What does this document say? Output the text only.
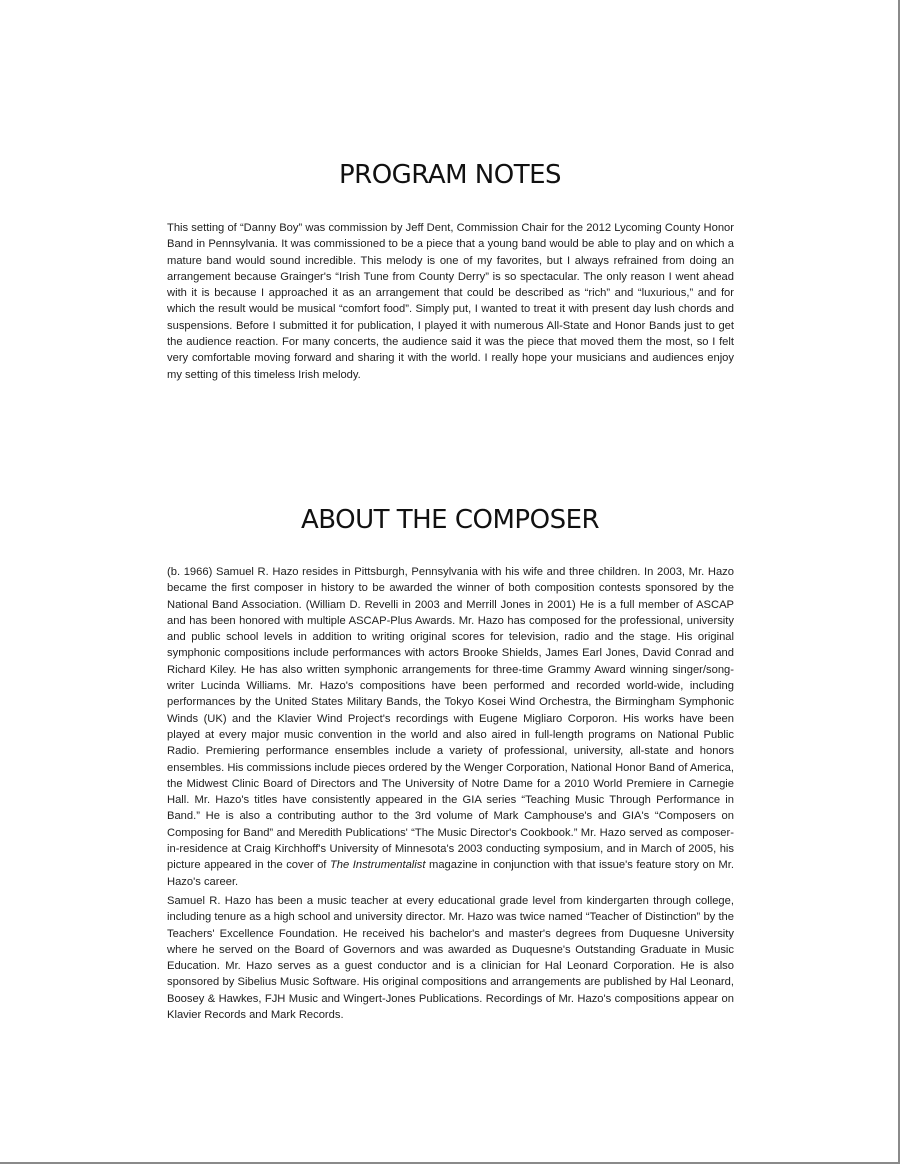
PROGRAM NOTES

This setting of “Danny Boy” was commission by Jeff Dent, Commission Chair for the 2012 Lycoming County Honor Band in Pennsylvania. It was commissioned to be a piece that a young band would be able to play and on which a mature band would sound incredible. This melody is one of my favorites, but I always refrained from doing an arrangement because Grainger's “Irish Tune from County Derry” is so spectacular. The only reason I went ahead with it is because I approached it as an arrangement that could be described as “rich” and “luxurious,” and for which the result would be musical “comfort food”. Simply put, I wanted to treat it with present day lush chords and suspensions. Before I submitted it for publication, I played it with numerous All-State and Honor Bands just to get the audience reaction. For many concerts, the audience said it was the piece that moved them the most, so I felt very comfortable moving forward and sharing it with the world. I really hope your musicians and audiences enjoy my setting of this timeless Irish melody.

ABOUT THE COMPOSER

(b. 1966) Samuel R. Hazo resides in Pittsburgh, Pennsylvania with his wife and three children. In 2003, Mr. Hazo became the first composer in history to be awarded the winner of both composition contests sponsored by the National Band Association. (William D. Revelli in 2003 and Merrill Jones in 2001) He is a full member of ASCAP and has been honored with multiple ASCAP-Plus Awards. Mr. Hazo has composed for the professional, university and public school levels in addition to writing original scores for television, radio and the stage. His original symphonic compositions include performances with actors Brooke Shields, James Earl Jones, David Conrad and Richard Kiley. He has also written symphonic arrangements for three-time Grammy Award winning singer/song-writer Lucinda Williams. Mr. Hazo's compositions have been performed and recorded world-wide, including performances by the United States Military Bands, the Tokyo Kosei Wind Orchestra, the Birmingham Symphonic Winds (UK) and the Klavier Wind Project's recordings with Eugene Migliaro Corporon. His works have been played at every major music convention in the world and also aired in full-length programs on National Public Radio. Premiering performance ensembles include a variety of professional, university, all-state and honors ensembles. His commissions include pieces ordered by the Wenger Corporation, National Honor Band of America, the Midwest Clinic Board of Directors and The University of Notre Dame for a 2010 World Premiere in Carnegie Hall. Mr. Hazo's titles have consistently appeared in the GIA series “Teaching Music Through Performance in Band.” He is also a contributing author to the 3rd volume of Mark Camphouse's and GIA's “Composers on Composing for Band” and Meredith Publications' “The Music Director's Cookbook.” Mr. Hazo served as composer-in-residence at Craig Kirchhoff's University of Minnesota's 2003 conducting symposium, and in March of 2005, his picture appeared in the cover of The Instrumentalist magazine in conjunction with that issue's feature story on Mr. Hazo's career.

Samuel R. Hazo has been a music teacher at every educational grade level from kindergarten through college, including tenure as a high school and university director. Mr. Hazo was twice named “Teacher of Distinction” by the Teachers' Excellence Foundation. He received his bachelor's and master's degrees from Duquesne University where he served on the Board of Governors and was awarded as Duquesne's Outstanding Graduate in Music Education. Mr. Hazo serves as a guest conductor and is a clinician for Hal Leonard Corporation. He is also sponsored by Sibelius Music Software. His original compositions and arrangements are published by Hal Leonard, Boosey & Hawkes, FJH Music and Wingert-Jones Publications. Recordings of Mr. Hazo's compositions appear on Klavier Records and Mark Records.
